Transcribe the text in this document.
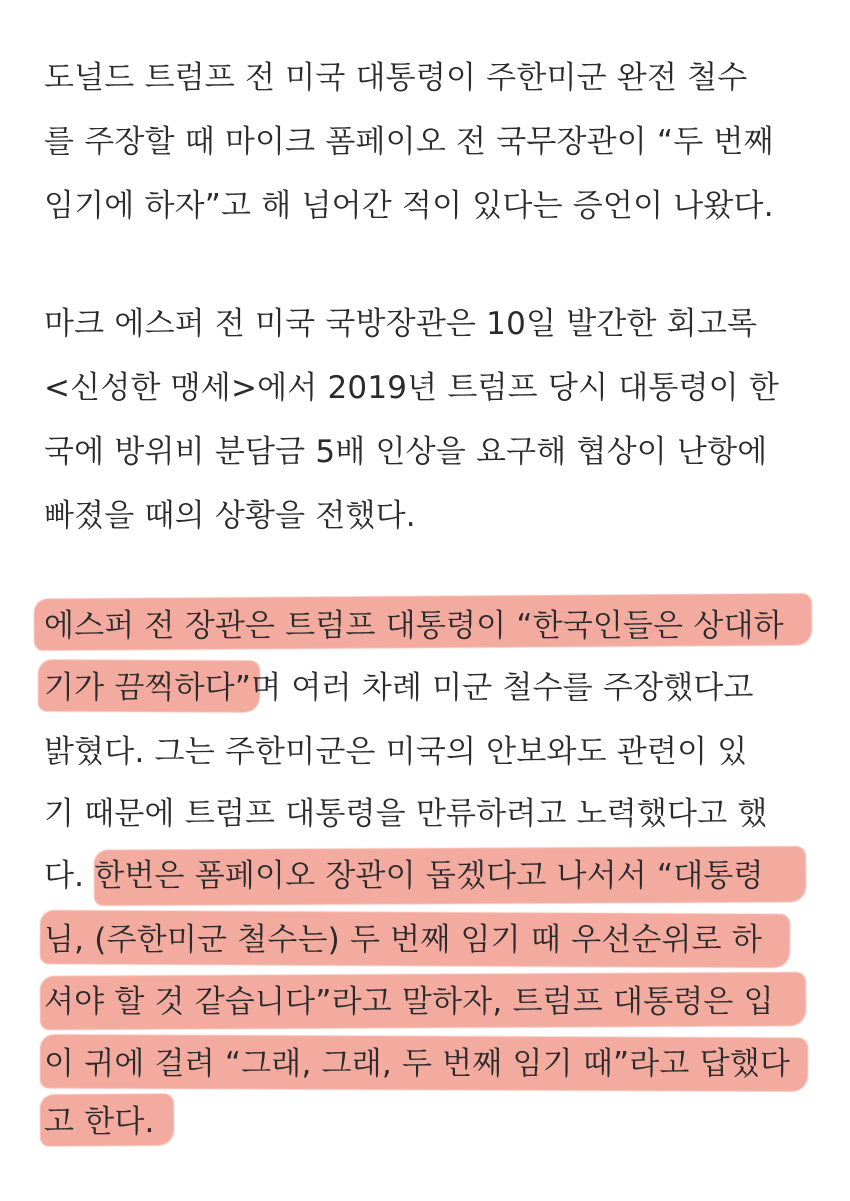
도널드 트럼프 전 미국 대통령이 주한미군 완전 철수
를 주장할 때 마이크 폼페이오 전 국무장관이 “두 번째
임기에 하자”고 해 넘어간 적이 있다는 증언이 나왔다.
마크 에스퍼 전 미국 국방장관은 10일 발간한 회고록
<신성한 맹세>에서 2019년 트럼프 당시 대통령이 한
국에 방위비 분담금 5배 인상을 요구해 협상이 난항에
빠졌을 때의 상황을 전했다.
에스퍼 전 장관은 트럼프 대통령이 “한국인들은 상대하
기가 끔찍하다”며 여러 차례 미군 철수를 주장했다고
밝혔다. 그는 주한미군은 미국의 안보와도 관련이 있
기 때문에 트럼프 대통령을 만류하려고 노력했다고 했
다. 한번은 폼페이오 장관이 돕겠다고 나서서 “대통령
님, (주한미군 철수는) 두 번째 임기 때 우선순위로 하
셔야 할 것 같습니다”라고 말하자, 트럼프 대통령은 입
이 귀에 걸려 “그래, 그래, 두 번째 임기 때”라고 답했다
고 한다.
